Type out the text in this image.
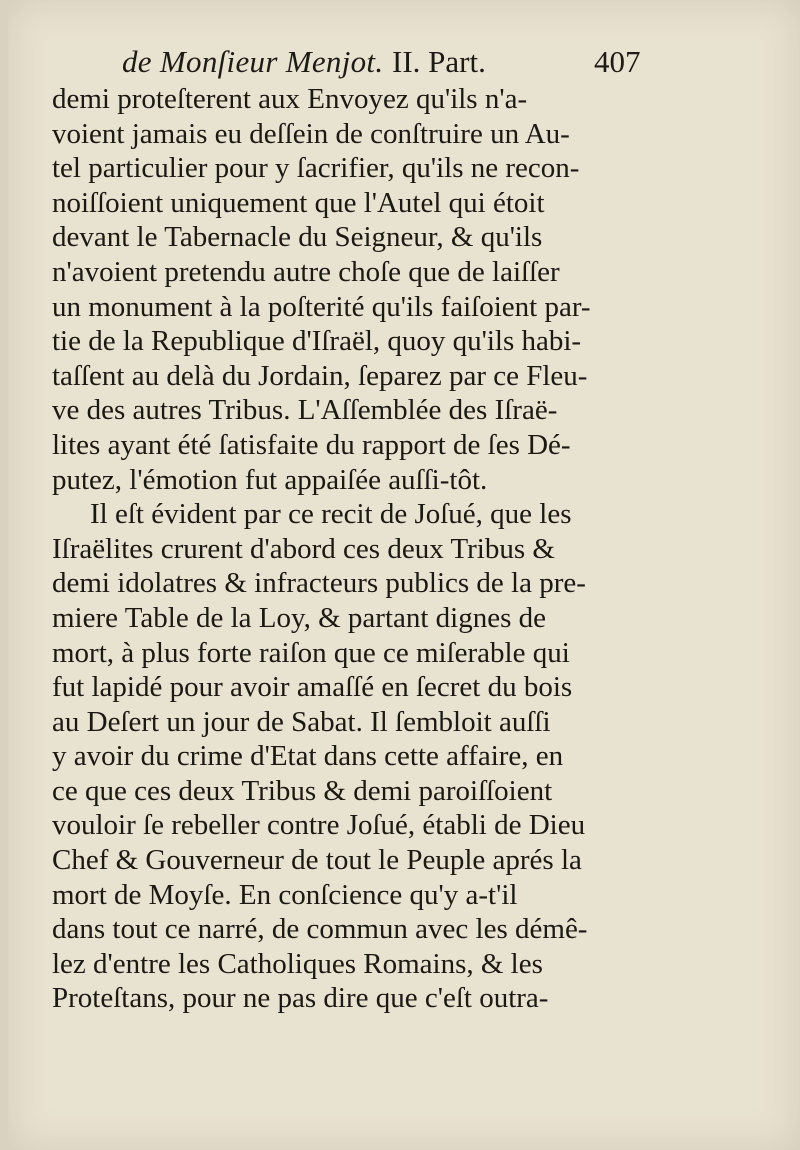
de Monſieur Menjot. II. Part.	407
demi proteſterent aux Envoyez qu'ils n'a-
voient jamais eu deſſein de conſtruire un Au-
tel particulier pour y ſacrifier, qu'ils ne recon-
noiſſoient uniquement que l'Autel qui étoit
devant le Tabernacle du Seigneur, & qu'ils
n'avoient pretendu autre choſe que de laiſſer
un monument à la poſterité qu'ils faiſoient par-
tie de la Republique d'Iſraël, quoy qu'ils habi-
taſſent au delà du Jordain, ſeparez par ce Fleu-
ve des autres Tribus. L'Aſſemblée des Iſraë-
lites ayant été ſatisfaite du rapport de ſes Dé-
putez, l'émotion fut appaiſée auſſi-tôt.
Il eſt évident par ce recit de Joſué, que les
Iſraëlites crurent d'abord ces deux Tribus &
demi idolatres & infracteurs publics de la pre-
miere Table de la Loy, & partant dignes de
mort, à plus forte raiſon que ce miſerable qui
fut lapidé pour avoir amaſſé en ſecret du bois
au Deſert un jour de Sabat. Il ſembloit auſſi
y avoir du crime d'Etat dans cette affaire, en
ce que ces deux Tribus & demi paroiſſoient
vouloir ſe rebeller contre Joſué, établi de Dieu
Chef & Gouverneur de tout le Peuple aprés la
mort de Moyſe. En conſcience qu'y a-t'il
dans tout ce narré, de commun avec les démê-
lez d'entre les Catholiques Romains, & les
Proteſtans, pour ne pas dire que c'eſt outra-
